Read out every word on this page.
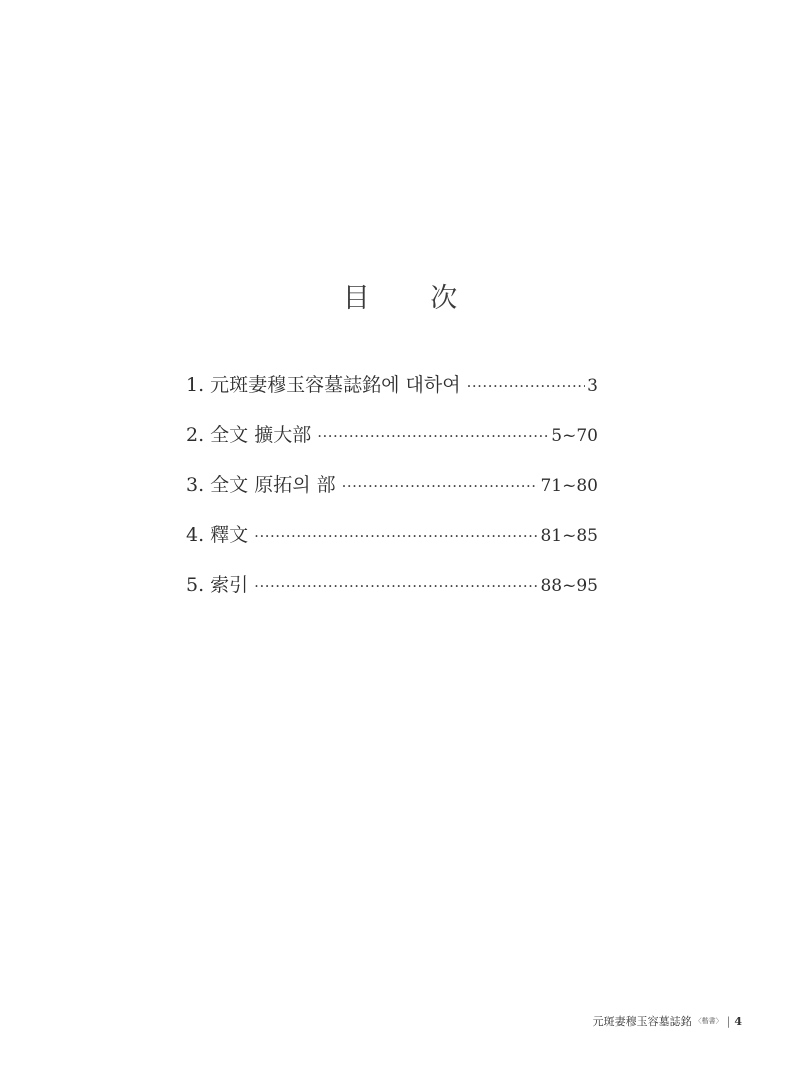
目 次
1. 元斑妻穆玉容墓誌銘에 대하여 ·····	3
2. 全文 擴大部 ·····	5~70
3. 全文 原拓의 部 ·····	71~80
4. 釋文 ·····	81~85
5. 索引 ·····	88~95
元斑妻穆玉容墓誌銘 〈楷書〉 | 4
